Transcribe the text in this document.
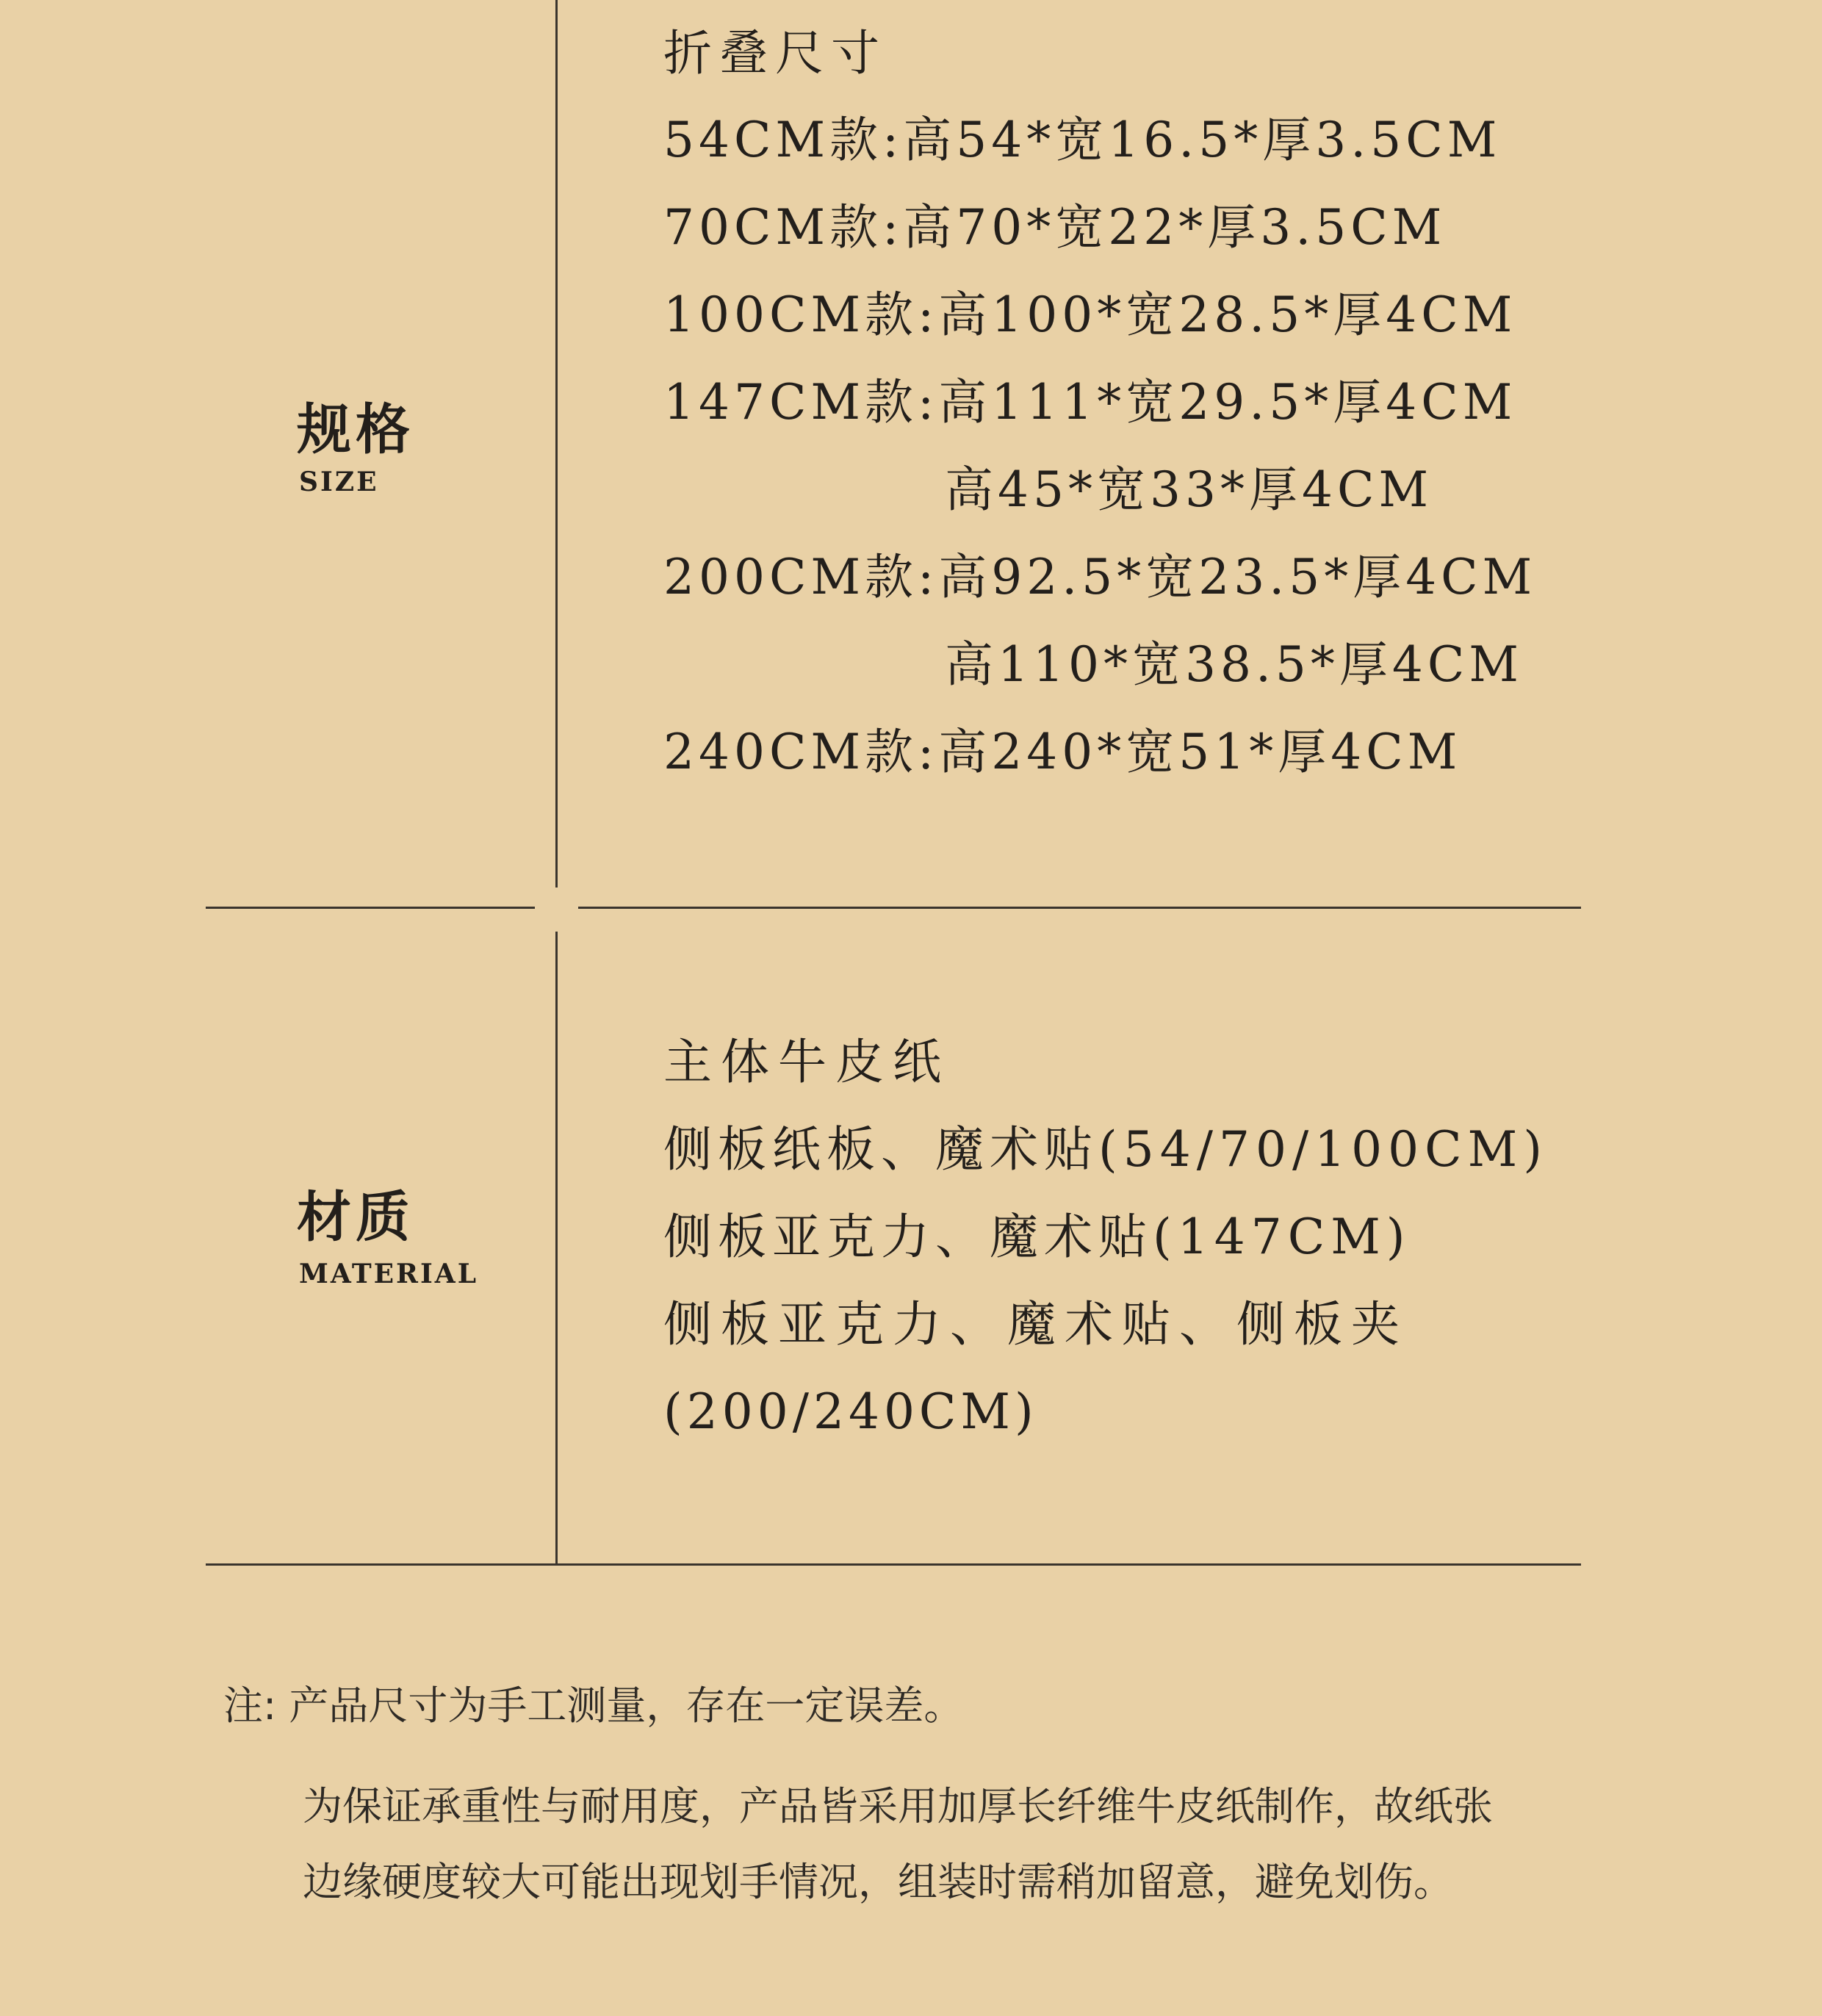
规格
SIZE
折叠尺寸
54CM款:高54*宽16.5*厚3.5CM
70CM款:高70*宽22*厚3.5CM
100CM款:高100*宽28.5*厚4CM
147CM款:高111*宽29.5*厚4CM
高45*宽33*厚4CM
200CM款:高92.5*宽23.5*厚4CM
高110*宽38.5*厚4CM
240CM款:高240*宽51*厚4CM
材质
MATERIAL
主体牛皮纸
侧板纸板、魔术贴(54/70/100CM)
侧板亚克力、魔术贴(147CM)
侧板亚克力、魔术贴、侧板夹
(200/240CM)
注: 产品尺寸为手工测量，存在一定误差。
为保证承重性与耐用度，产品皆采用加厚长纤维牛皮纸制作，故纸张
边缘硬度较大可能出现划手情况，组装时需稍加留意，避免划伤。
